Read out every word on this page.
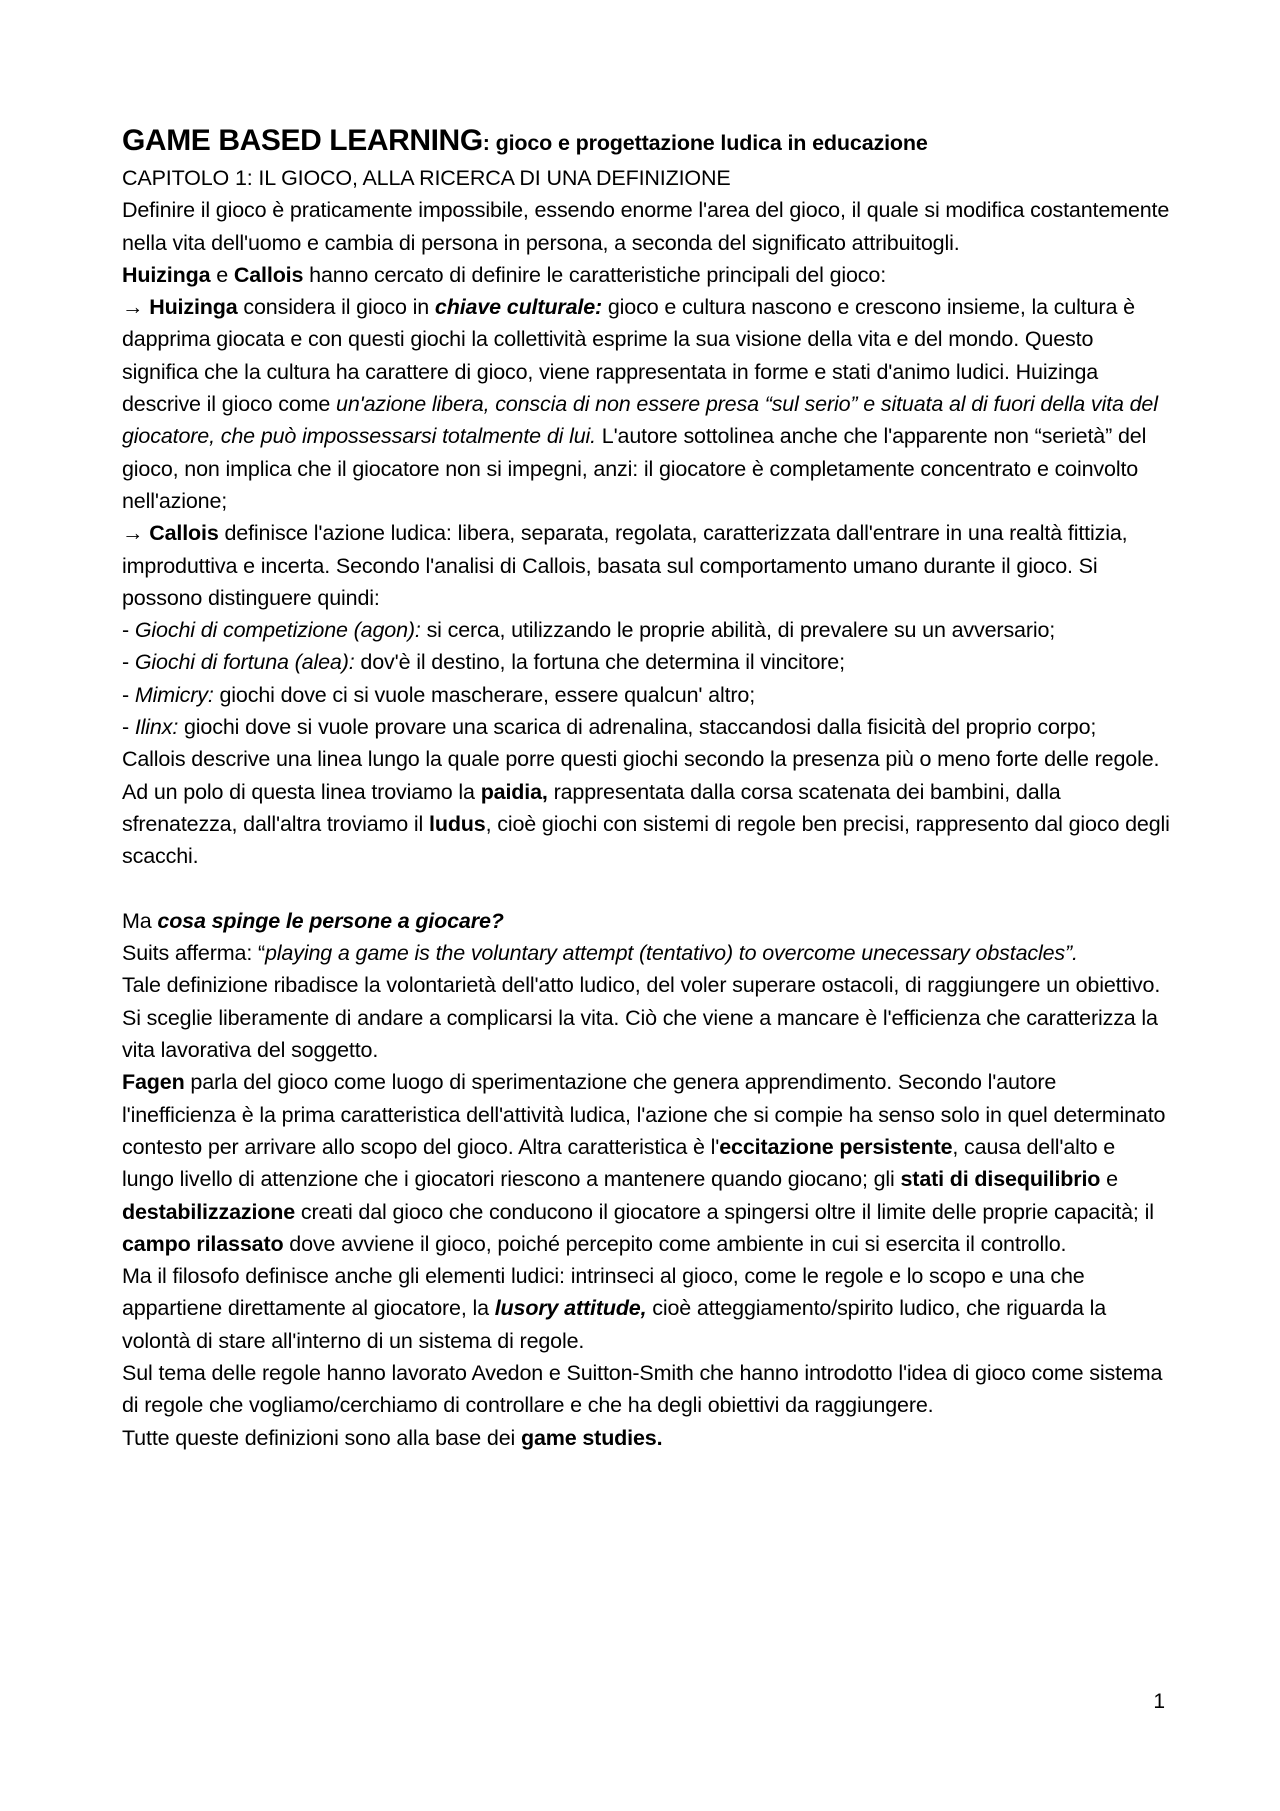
GAME BASED LEARNING: gioco e progettazione ludica in educazione

CAPITOLO 1: IL GIOCO, ALLA RICERCA DI UNA DEFINIZIONE

Definire il gioco è praticamente impossibile, essendo enorme l'area del gioco, il quale si modifica costantemente nella vita dell'uomo e cambia di persona in persona, a seconda del significato attribuitogli.

Huizinga e Callois hanno cercato di definire le caratteristiche principali del gioco:

→ Huizinga considera il gioco in chiave culturale: gioco e cultura nascono e crescono insieme, la cultura è dapprima giocata e con questi giochi la collettività esprime la sua visione della vita e del mondo. Questo significa che la cultura ha carattere di gioco, viene rappresentata in forme e stati d'animo ludici. Huizinga descrive il gioco come un'azione libera, conscia di non essere presa “sul serio” e situata al di fuori della vita del giocatore, che può impossessarsi totalmente di lui. L'autore sottolinea anche che l'apparente non “serietà” del gioco, non implica che il giocatore non si impegni, anzi: il giocatore è completamente concentrato e coinvolto nell'azione;

→ Callois definisce l'azione ludica: libera, separata, regolata, caratterizzata dall'entrare in una realtà fittizia, improduttiva e incerta. Secondo l'analisi di Callois, basata sul comportamento umano durante il gioco. Si possono distinguere quindi:

- Giochi di competizione (agon): si cerca, utilizzando le proprie abilità, di prevalere su un avversario;

- Giochi di fortuna (alea): dov'è il destino, la fortuna che determina il vincitore;

- Mimicry: giochi dove ci si vuole mascherare, essere qualcun' altro;

- Ilinx: giochi dove si vuole provare una scarica di adrenalina, staccandosi dalla fisicità del proprio corpo;

Callois descrive una linea lungo la quale porre questi giochi secondo la presenza più o meno forte delle regole. Ad un polo di questa linea troviamo la paidia, rappresentata dalla corsa scatenata dei bambini, dalla sfrenatezza, dall'altra troviamo il ludus, cioè giochi con sistemi di regole ben precisi, rappresento dal gioco degli scacchi.

Ma cosa spinge le persone a giocare?

Suits afferma: “playing a game is the voluntary attempt (tentativo) to overcome unecessary obstacles”.

Tale definizione ribadisce la volontarietà dell'atto ludico, del voler superare ostacoli, di raggiungere un obiettivo. Si sceglie liberamente di andare a complicarsi la vita. Ciò che viene a mancare è l'efficienza che caratterizza la vita lavorativa del soggetto.

Fagen parla del gioco come luogo di sperimentazione che genera apprendimento. Secondo l'autore l'inefficienza è la prima caratteristica dell'attività ludica, l'azione che si compie ha senso solo in quel determinato contesto per arrivare allo scopo del gioco. Altra caratteristica è l'eccitazione persistente, causa dell'alto e lungo livello di attenzione che i giocatori riescono a mantenere quando giocano; gli stati di disequilibrio e destabilizzazione creati dal gioco che conducono il giocatore a spingersi oltre il limite delle proprie capacità; il campo rilassato dove avviene il gioco, poiché percepito come ambiente in cui si esercita il controllo.

Ma il filosofo definisce anche gli elementi ludici: intrinseci al gioco, come le regole e lo scopo e una che appartiene direttamente al giocatore, la lusory attitude, cioè atteggiamento/spirito ludico, che riguarda la volontà di stare all'interno di un sistema di regole.

Sul tema delle regole hanno lavorato Avedon e Suitton-Smith che hanno introdotto l'idea di gioco come sistema di regole che vogliamo/cerchiamo di controllare e che ha degli obiettivi da raggiungere.

Tutte queste definizioni sono alla base dei game studies.

1
